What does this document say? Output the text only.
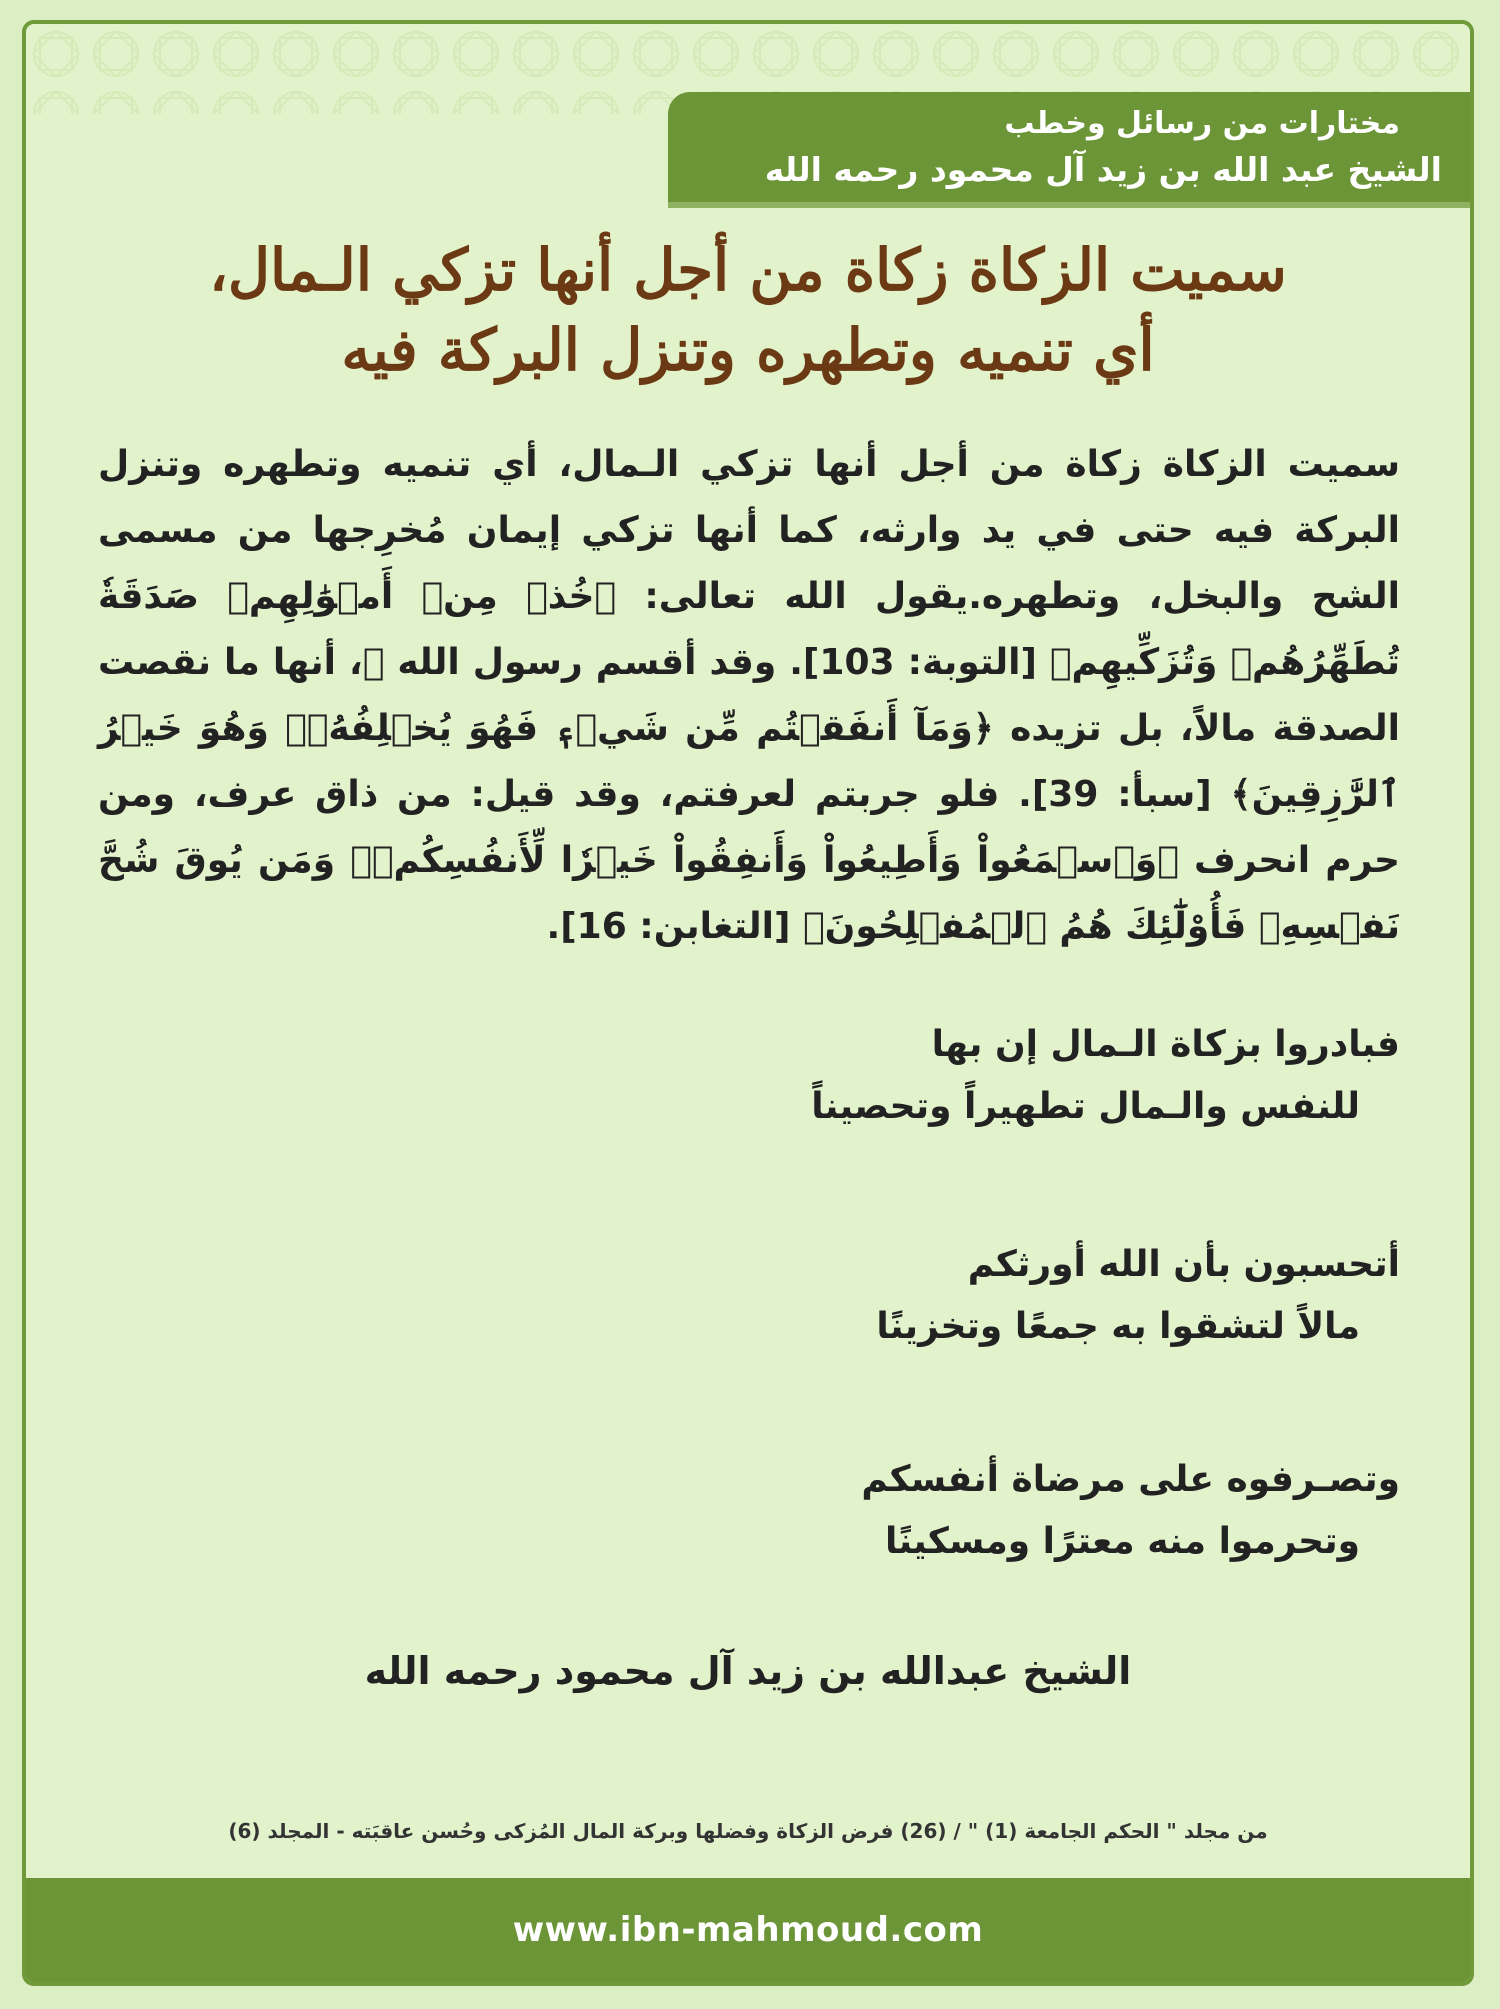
مختارات من رسائل وخطب
الشيخ عبد الله بن زيد آل محمود رحمه الله
سميت الزكاة زكاة من أجل أنها تزكي الـمال،
أي تنميه وتطهره وتنزل البركة فيه
سميت الزكاة زكاة من أجل أنها تزكي الـمال، أي تنميه وتطهره وتنزل البركة فيه حتى في يد وارثه، كما أنها تزكي إيمان مُخرِجها من مسمى الشح والبخل، وتطهره.يقول الله تعالى: ﴿خُذۡ مِنۡ أَمۡوَٰلِهِمۡ صَدَقَةٗ تُطَهِّرُهُمۡ وَتُزَكِّيهِم﴾ [التوبة: 103]. وقد أقسم رسول الله ﷺ، أنها ما نقصت الصدقة مالاً، بل تزيده ﴿وَمَآ أَنفَقۡتُم مِّن شَيۡءٖ فَهُوَ يُخۡلِفُهُۥۖ وَهُوَ خَيۡرُ ٱلرَّٰزِقِينَ﴾ [سبأ: 39]. فلو جربتم لعرفتم، وقد قيل: من ذاق عرف، ومن حرم انحرف ﴿وَٱسۡمَعُواْ وَأَطِيعُواْ وَأَنفِقُواْ خَيۡرٗا لِّأَنفُسِكُمۡۗ وَمَن يُوقَ شُحَّ نَفۡسِهِۦ فَأُوْلَٰٓئِكَ هُمُ ٱلۡمُفۡلِحُونَ﴾ [التغابن: 16].
فبادروا بزكاة الـمال إن بها
للنفس والـمال تطهيراً وتحصيناً
أتحسبون بأن الله أورثكم
مالاً لتشقوا به جمعًا وتخزينًا
وتصـرفوه على مرضاة أنفسكم
وتحرموا منه معترًا ومسكينًا
الشيخ عبدالله بن زيد آل محمود رحمه الله
من مجلد " الحكم الجامعة (1) " / (26) فرض الزكاة وفضلها وبركة المال المُزكى وحُسن عاقبَته - المجلد (6)
www.ibn-mahmoud.com
